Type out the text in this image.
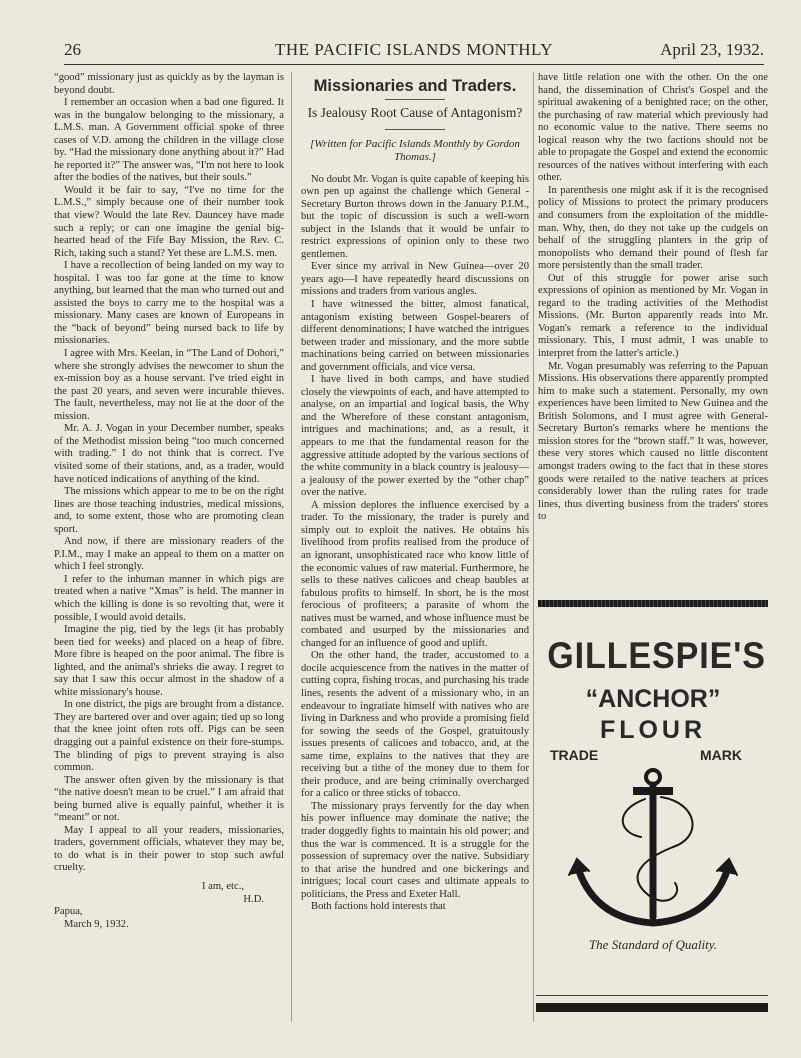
26	THE PACIFIC ISLANDS MONTHLY	April 23, 1932.

“good” missionary just as quickly as by the layman is beyond doubt.

I remember an occasion when a bad one figured. It was in the bungalow belonging to the missionary, a L.M.S. man. A Government official spoke of three cases of V.D. among the children in the village close by. “Had the missionary done anything about it?” Had he reported it?” The answer was, “I'm not here to look after the bodies of the natives, but their souls.”

Would it be fair to say, “I've no time for the L.M.S.,” simply because one of their number took that view? Would the late Rev. Dauncey have made such a reply; or can one imagine the genial big-hearted head of the Fife Bay Mission, the Rev. C. Rich, taking such a stand? Yet these are L.M.S. men.

I have a recollection of being landed on my way to hospital. I was too far gone at the time to know anything, but learned that the man who turned out and assisted the boys to carry me to the hospital was a missionary. Many cases are known of Europeans in the “back of beyond” being nursed back to life by missionaries.

I agree with Mrs. Keelan, in “The Land of Dohori,” where she strongly advises the newcomer to shun the ex-mission boy as a house servant. I've tried eight in the past 20 years, and seven were incurable thieves. The fault, nevertheless, may not lie at the door of the mission.

Mr. A. J. Vogan in your December number, speaks of the Methodist mission being “too much concerned with trading.” I do not think that is correct. I've visited some of their stations, and, as a trader, would have noticed indications of anything of the kind.

The missions which appear to me to be on the right lines are those teaching industries, medical missions, and, to some extent, those who are promoting clean sport.

And now, if there are missionary readers of the P.I.M., may I make an appeal to them on a matter on which I feel strongly.

I refer to the inhuman manner in which pigs are treated when a native “Xmas” is held. The manner in which the killing is done is so revolting that, were it possible, I would avoid details.

Imagine the pig, tied by the legs (it has probably been tied for weeks) and placed on a heap of fibre. More fibre is heaped on the poor animal. The fibre is lighted, and the animal's shrieks die away. I regret to say that I saw this occur almost in the shadow of a white missionary's house.

In one district, the pigs are brought from a distance. They are bartered over and over again; tied up so long that the knee joint often rots off. Pigs can be seen dragging out a painful existence on their fore-stumps. The blinding of pigs to prevent straying is also common.

The answer often given by the missionary is that “the native doesn't mean to be cruel.” I am afraid that being burned alive is equally painful, whether it is “meant” or not.

May I appeal to all your readers, missionaries, traders, government officials, whatever they may be, to do what is in their power to stop such awful cruelty.

I am, etc.,

H.D.

Papua,

March 9, 1932.

Missionaries and Traders.
Is Jealousy Root Cause of Antagonism?
[Written for Pacific Islands Monthly by Gordon Thomas.]

No doubt Mr. Vogan is quite capable of keeping his own pen up against the challenge which General - Secretary Burton throws down in the January P.I.M., but the topic of discussion is such a well-worn subject in the Islands that it would be unfair to restrict expressions of opinion only to these two gentlemen.

Ever since my arrival in New Guinea—over 20 years ago—I have repeatedly heard discussions on missions and traders from various angles.

I have witnessed the bitter, almost fanatical, antagonism existing between Gospel-bearers of different denominations; I have watched the intrigues between trader and missionary, and the more subtle machinations being carried on between missionaries and government officials, and vice versa.

I have lived in both camps, and have studied closely the viewpoints of each, and have attempted to analyse, on an impartial and logical basis, the Why and the Wherefore of these constant antagonism, intrigues and machinations; and, as a result, it appears to me that the fundamental reason for the aggressive attitude adopted by the various sections of the white community in a black country is jealousy—a jealousy of the power exerted by the “other chap” over the native.

A mission deplores the influence exercised by a trader. To the missionary, the trader is purely and simply out to exploit the natives. He obtains his livelihood from profits realised from the produce of an ignorant, unsophisticated race who know little of the economic values of raw material. Furthermore, he sells to these natives calicoes and cheap baubles at fabulous profits to himself. In short, he is the most ferocious of profiteers; a parasite of whom the natives must be warned, and whose influence must be combated and usurped by the missionaries and changed for an influence of good and uplift.

On the other hand, the trader, accustomed to a docile acquiescence from the natives in the matter of cutting copra, fishing trocas, and purchasing his trade lines, resents the advent of a missionary who, in an endeavour to ingratiate himself with natives who are living in Darkness and who provide a promising field for sowing the seeds of the Gospel, gratuitously issues presents of calicoes and tobacco, and, at the same time, explains to the natives that they are receiving but a tithe of the money due to them for their produce, and are being criminally overcharged for a calico or three sticks of tobacco.

The missionary prays fervently for the day when his power influence may dominate the native; the trader doggedly fights to maintain his old power; and thus the war is commenced. It is a struggle for the possession of supremacy over the native. Subsidiary to that arise the hundred and one bickerings and intrigues; local court cases and ultimate appeals to politicians, the Press and Exeter Hall.

Both factions hold interests that

have little relation one with the other. On the one hand, the dissemination of Christ's Gospel and the spiritual awakening of a benighted race; on the other, the purchasing of raw material which previously had no economic value to the native. There seems no logical reason why the two factions should not be able to propagate the Gospel and extend the economic resources of the natives without interfering with each other.

In parenthesis one might ask if it is the recognised policy of Missions to protect the primary producers and consumers from the exploitation of the middle-man. Why, then, do they not take up the cudgels on behalf of the struggling planters in the grip of monopolists who demand their pound of flesh far more persistently than the small trader.

Out of this struggle for power arise such expressions of opinion as mentioned by Mr. Vogan in regard to the trading activities of the Methodist Missions. (Mr. Burton apparently reads into Mr. Vogan's remark a reference to the individual missionary. This, I must admit, I was unable to interpret from the latter's article.)

Mr. Vogan presumably was referring to the Papuan Missions. His observations there apparently prompted him to make such a statement. Personally, my own experiences have been limited to New Guinea and the British Solomons, and I must agree with General-Secretary Burton's remarks where he mentions the mission stores for the “brown staff.” It was, however, these very stores which caused no little discontent amongst traders owing to the fact that in these stores goods were retailed to the native teachers at prices considerably lower than the ruling rates for trade lines, thus diverting business from the traders' stores to

GILLESPIE'S
“ANCHOR”
FLOUR
TRADE	MARK
The Standard of Quality.
